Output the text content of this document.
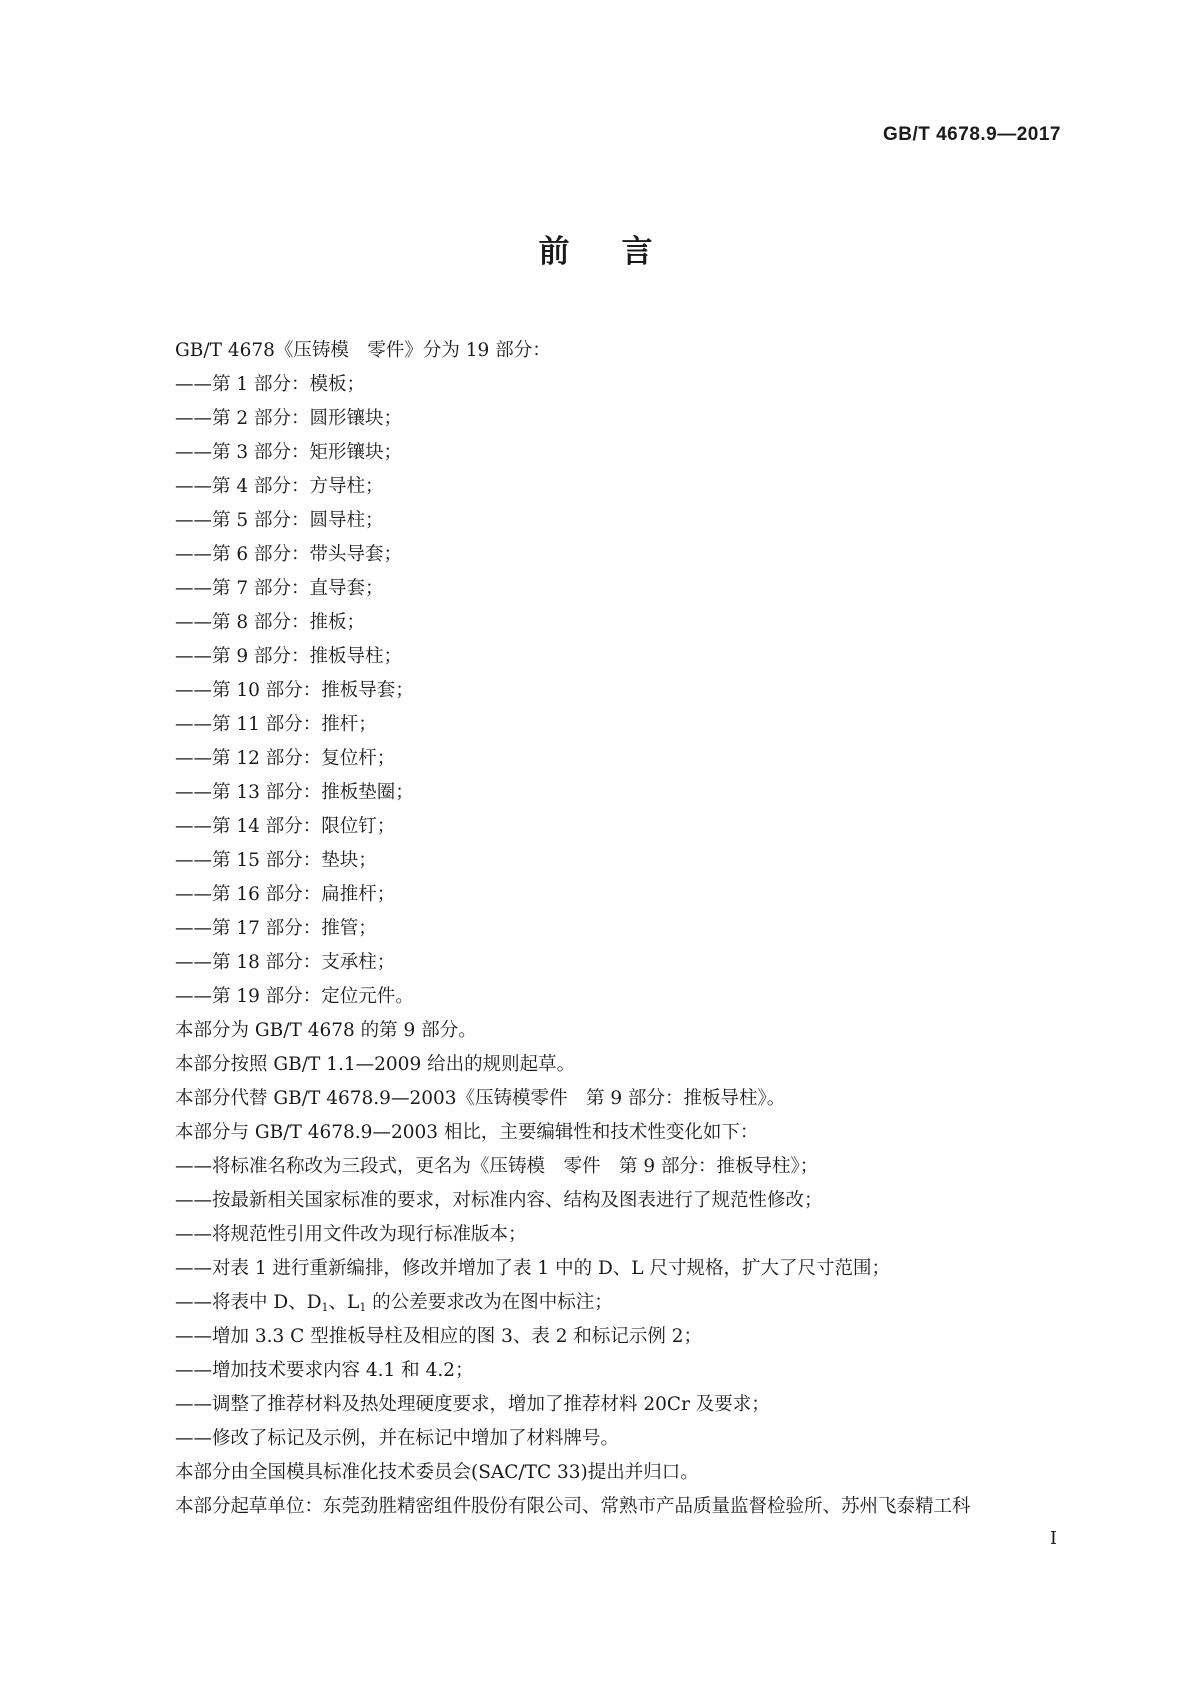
GB/T 4678.9—2017
前 言
GB/T 4678《压铸模　零件》分为 19 部分：
——第 1 部分：模板；
——第 2 部分：圆形镶块；
——第 3 部分：矩形镶块；
——第 4 部分：方导柱；
——第 5 部分：圆导柱；
——第 6 部分：带头导套；
——第 7 部分：直导套；
——第 8 部分：推板；
——第 9 部分：推板导柱；
——第 10 部分：推板导套；
——第 11 部分：推杆；
——第 12 部分：复位杆；
——第 13 部分：推板垫圈；
——第 14 部分：限位钉；
——第 15 部分：垫块；
——第 16 部分：扁推杆；
——第 17 部分：推管；
——第 18 部分：支承柱；
——第 19 部分：定位元件。
本部分为 GB/T 4678 的第 9 部分。
本部分按照 GB/T 1.1—2009 给出的规则起草。
本部分代替 GB/T 4678.9—2003《压铸模零件　第 9 部分：推板导柱》。
本部分与 GB/T 4678.9—2003 相比，主要编辑性和技术性变化如下：
——将标准名称改为三段式，更名为《压铸模　零件　第 9 部分：推板导柱》；
——按最新相关国家标准的要求，对标准内容、结构及图表进行了规范性修改；
——将规范性引用文件改为现行标准版本；
——对表 1 进行重新编排，修改并增加了表 1 中的 D、L 尺寸规格，扩大了尺寸范围；
——将表中 D、$D_1$、$L_1$ 的公差要求改为在图中标注；
——增加 3.3 C 型推板导柱及相应的图 3、表 2 和标记示例 2；
——增加技术要求内容 4.1 和 4.2；
——调整了推荐材料及热处理硬度要求，增加了推荐材料 20Cr 及要求；
——修改了标记及示例，并在标记中增加了材料牌号。
本部分由全国模具标准化技术委员会(SAC/TC 33)提出并归口。
本部分起草单位：东莞劲胜精密组件股份有限公司、常熟市产品质量监督检验所、苏州飞泰精工科
I
